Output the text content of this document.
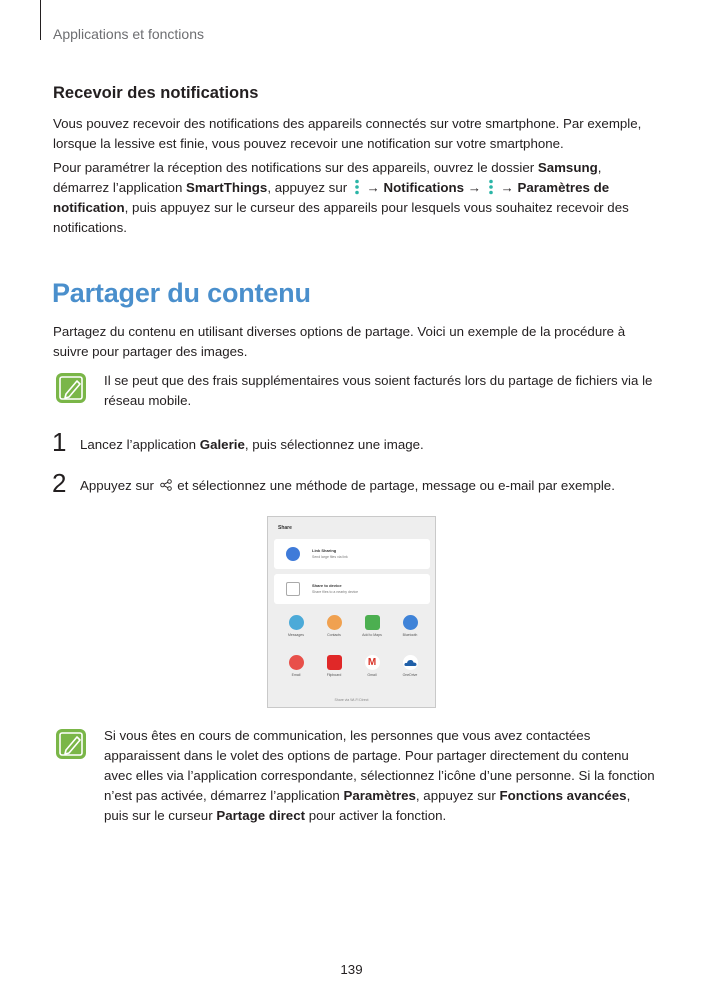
Applications et fonctions
Recevoir des notifications

Vous pouvez recevoir des notifications des appareils connectés sur votre smartphone. Par exemple, lorsque la lessive est finie, vous pouvez recevoir une notification sur votre smartphone.

Pour paramétrer la réception des notifications sur des appareils, ouvrez le dossier Samsung, démarrez l’application SmartThings, appuyez sur  → Notifications →  → Paramètres de notification, puis appuyez sur le curseur des appareils pour lesquels vous souhaitez recevoir des notifications.

Partager du contenu

Partagez du contenu en utilisant diverses options de partage. Voici un exemple de la procédure à suivre pour partager des images.

Il se peut que des frais supplémentaires vous soient facturés lors du partage de fichiers via le réseau mobile.

1 Lancez l’application Galerie, puis sélectionnez une image.

2 Appuyez sur  et sélectionnez une méthode de partage, message ou e-mail par exemple.

Share
Link Sharing
Send large files via link
Share to device
Share files to a nearby device
Messages	Contacts	Add to Maps	Bluetooth
Email	Flipboard
M
Gmail	OneDrive
Share via Wi-Fi Direct

Si vous êtes en cours de communication, les personnes que vous avez contactées apparaissent dans le volet des options de partage. Pour partager directement du contenu avec elles via l’application correspondante, sélectionnez l’icône d’une personne. Si la fonction n’est pas activée, démarrez l’application Paramètres, appuyez sur Fonctions avancées, puis sur le curseur Partage direct pour activer la fonction.

139
